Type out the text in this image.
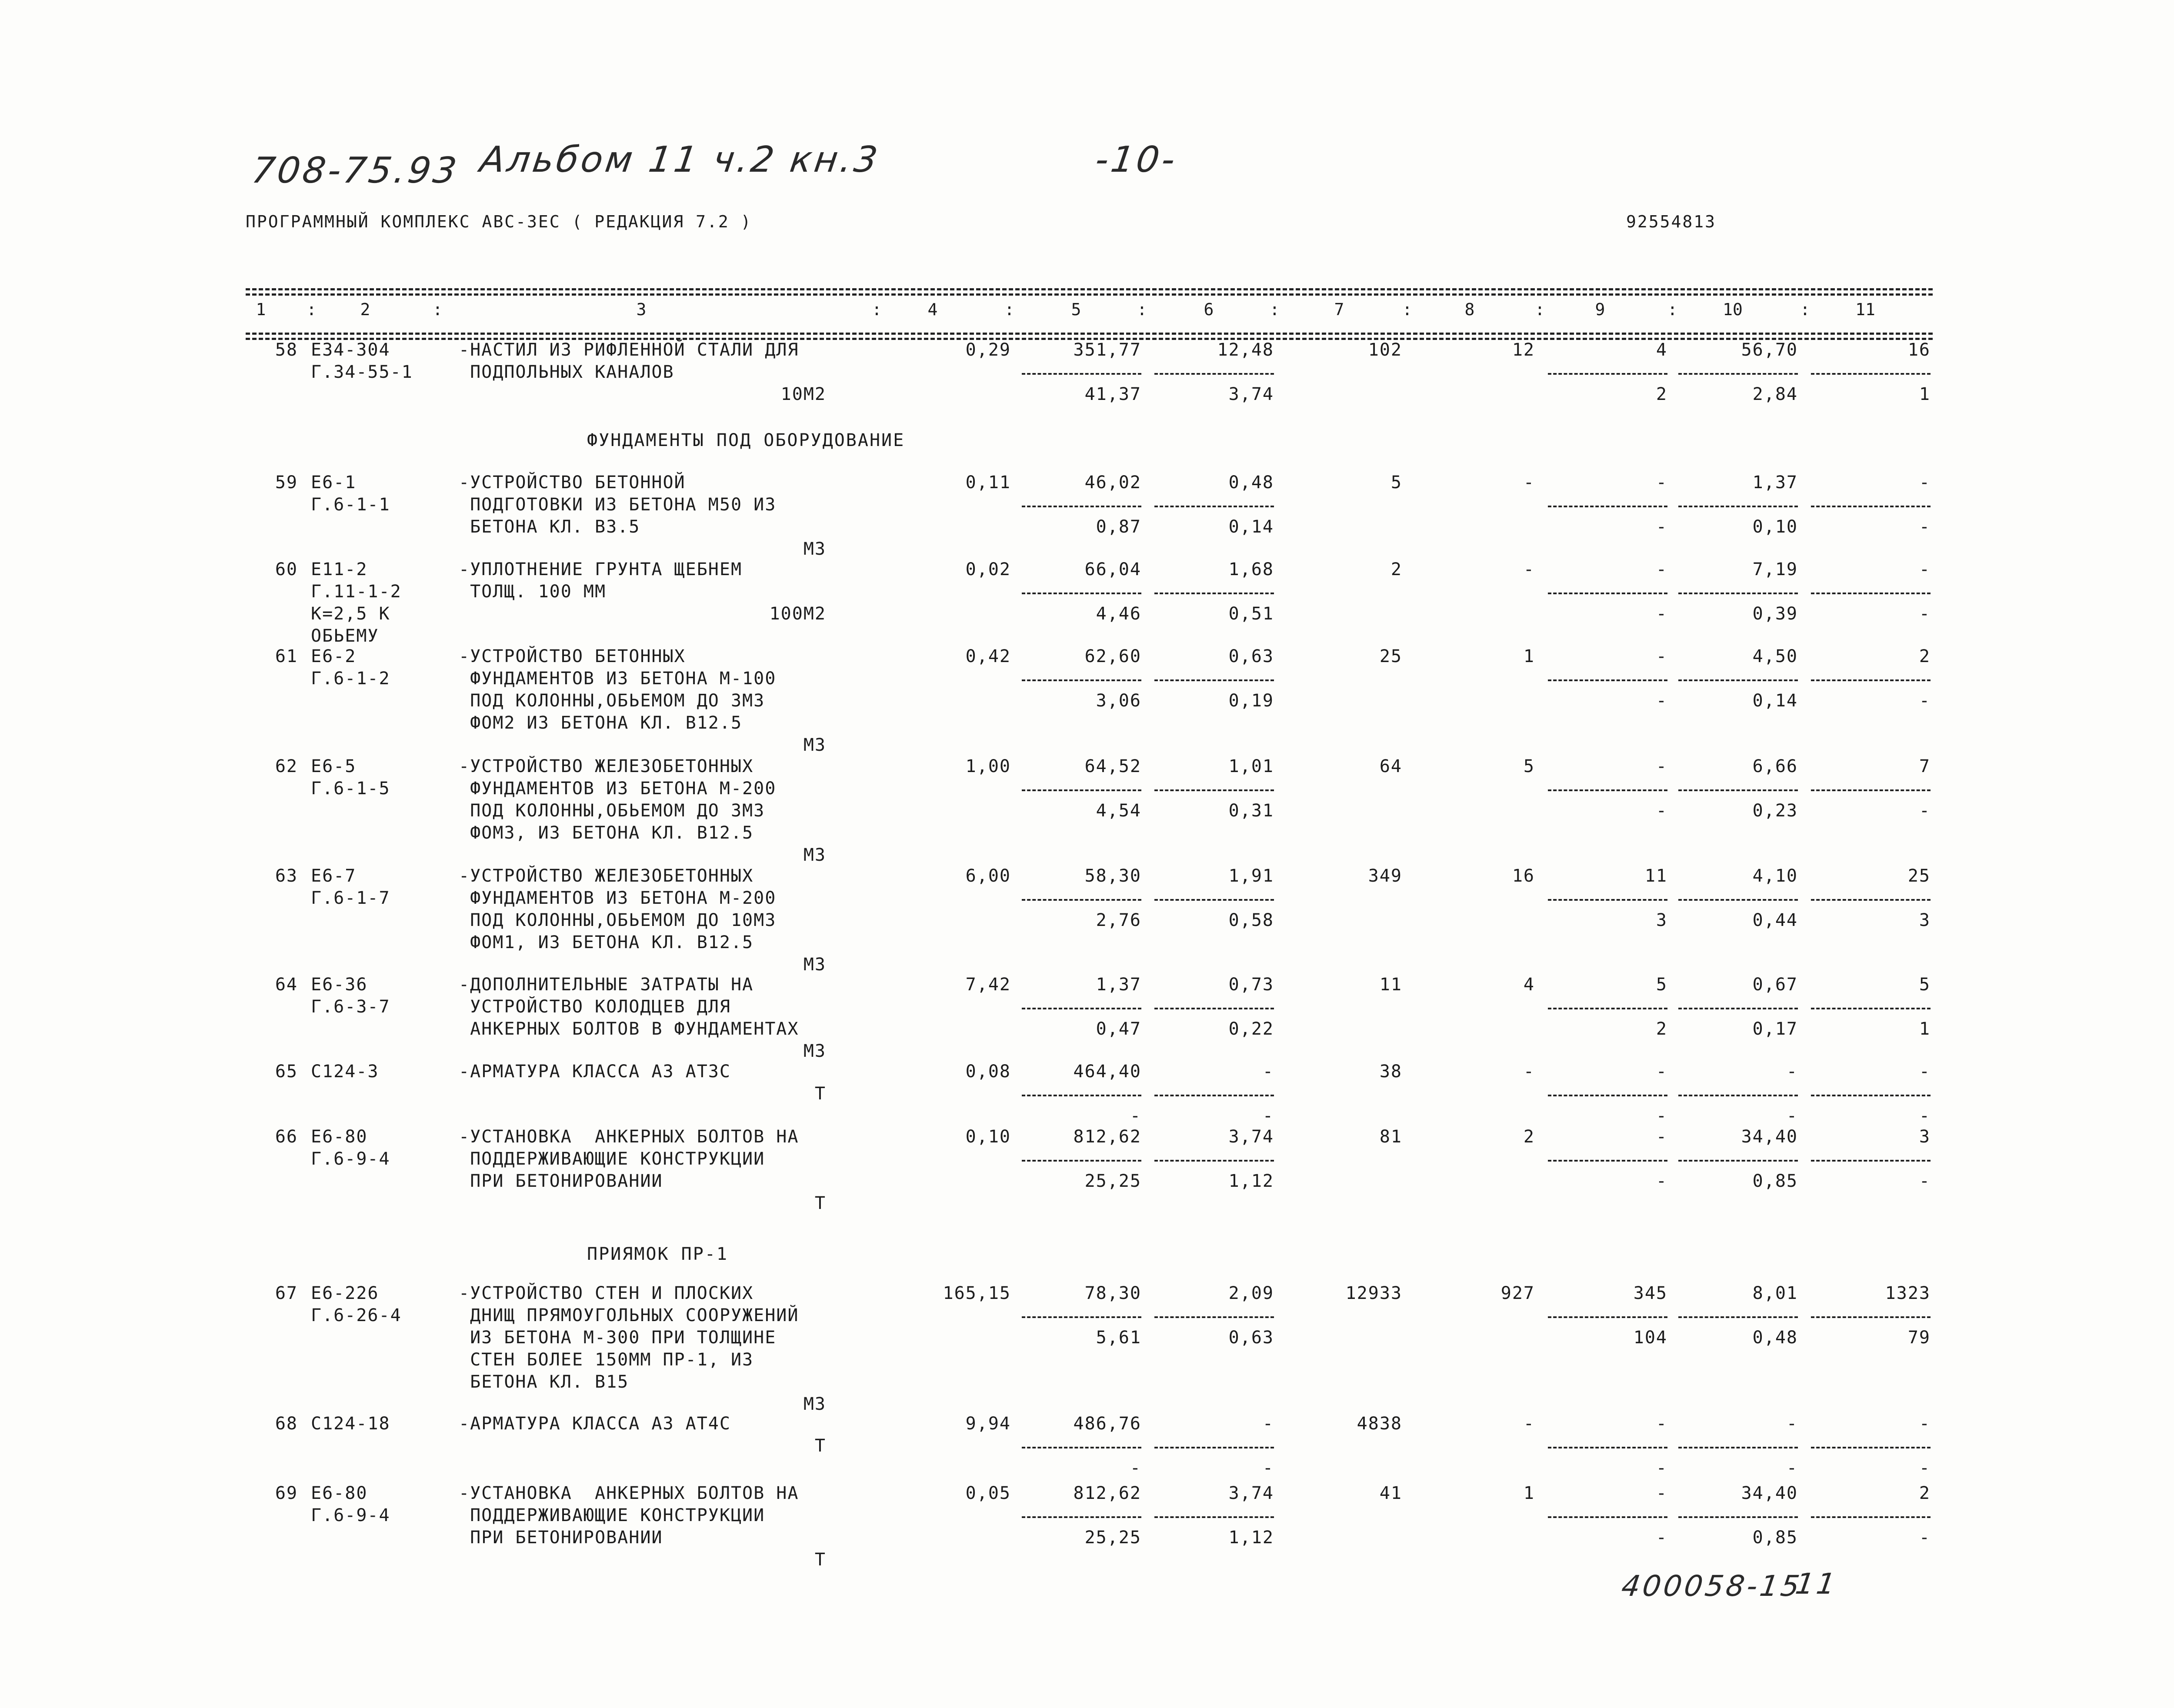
708-75.93 Альбом 11 ч.2 кн.3	-10-
ПРОГРАММНЫЙ КОМПЛЕКС АВС-3ЕС ( РЕДАКЦИЯ 7.2 )	92554813
1	2	3	4	5	6	7	8	9	10	11
:	:	:	:	:	:	:	:	:	:
ФУНДАМЕНТЫ ПОД ОБОРУДОВАНИЕ
ПРИЯМОК ПР-1
58 Е34-304
Г.34-55-1
-НАСТИЛ ИЗ РИФЛЕННОЙ СТАЛИ ДЛЯ
ПОДПОЛЬНЫХ КАНАЛОВ
10М2
0,29	351,77	12,48	102	12	4	56,70	16
41,37	3,74	2	2,84	1
59 Е6-1
Г.6-1-1
-УСТРОЙСТВО БЕТОННОЙ
ПОДГОТОВКИ ИЗ БЕТОНА М50 ИЗ
БЕТОНА КЛ. В3.5
М3
0,11	46,02	0,48	5	-	-	1,37	-
0,87	0,14	-	0,10	-
60 Е11-2
Г.11-1-2
К=2,5 К
ОБЬЕМУ
-УПЛОТНЕНИЕ ГРУНТА ЩЕБНЕМ
ТОЛЩ. 100 ММ
100М2
0,02	66,04	1,68	2	-	-	7,19	-
4,46	0,51	-	0,39	-
61 Е6-2
Г.6-1-2
-УСТРОЙСТВО БЕТОННЫХ
ФУНДАМЕНТОВ ИЗ БЕТОНА М-100
ПОД КОЛОННЫ,ОБЬЕМОМ ДО 3М3
ФОМ2 ИЗ БЕТОНА КЛ. В12.5
М3
0,42	62,60	0,63	25	1	-	4,50	2
3,06	0,19	-	0,14	-
62 Е6-5
Г.6-1-5
-УСТРОЙСТВО ЖЕЛЕЗОБЕТОННЫХ
ФУНДАМЕНТОВ ИЗ БЕТОНА М-200
ПОД КОЛОННЫ,ОБЬЕМОМ ДО 3М3
ФОМ3, ИЗ БЕТОНА КЛ. В12.5
М3
1,00	64,52	1,01	64	5	-	6,66	7
4,54	0,31	-	0,23	-
63 Е6-7
Г.6-1-7
-УСТРОЙСТВО ЖЕЛЕЗОБЕТОННЫХ
ФУНДАМЕНТОВ ИЗ БЕТОНА М-200
ПОД КОЛОННЫ,ОБЬЕМОМ ДО 10М3
ФОМ1, ИЗ БЕТОНА КЛ. В12.5
М3
6,00	58,30	1,91	349	16	11	4,10	25
2,76	0,58	3	0,44	3
64 Е6-36
Г.6-3-7
-ДОПОЛНИТЕЛЬНЫЕ ЗАТРАТЫ НА
УСТРОЙСТВО КОЛОДЦЕВ ДЛЯ
АНКЕРНЫХ БОЛТОВ В ФУНДАМЕНТАХ
М3
7,42	1,37	0,73	11	4	5	0,67	5
0,47	0,22	2	0,17	1
65 С124-3	-АРМАТУРА КЛАССА А3 АТ3С
Т
0,08	464,40	-	38	-	-	-	-
-	-	-	-	-
66 Е6-80
Г.6-9-4
-УСТАНОВКА  АНКЕРНЫХ БОЛТОВ НА
ПОДДЕРЖИВАЮЩИЕ КОНСТРУКЦИИ
ПРИ БЕТОНИРОВАНИИ
Т
0,10	812,62	3,74	81	2	-	34,40	3
25,25	1,12	-	0,85	-
67 Е6-226
Г.6-26-4
-УСТРОЙСТВО СТЕН И ПЛОСКИХ
ДНИЩ ПРЯМОУГОЛЬНЫХ СООРУЖЕНИЙ
ИЗ БЕТОНА М-300 ПРИ ТОЛЩИНЕ
СТЕН БОЛЕЕ 150ММ ПР-1, ИЗ
БЕТОНА КЛ. В15
М3
165,15	78,30	2,09	12933	927	345	8,01	1323
5,61	0,63	104	0,48	79
68 С124-18	-АРМАТУРА КЛАССА А3 АТ4С
Т
9,94	486,76	-	4838	-	-	-	-
-	-	-	-	-
69 Е6-80
Г.6-9-4
-УСТАНОВКА  АНКЕРНЫХ БОЛТОВ НА
ПОДДЕРЖИВАЮЩИЕ КОНСТРУКЦИИ
ПРИ БЕТОНИРОВАНИИ
Т
0,05	812,62	3,74	41	1	-	34,40	2
25,25	1,12	-	0,85	-
400058-15
11
